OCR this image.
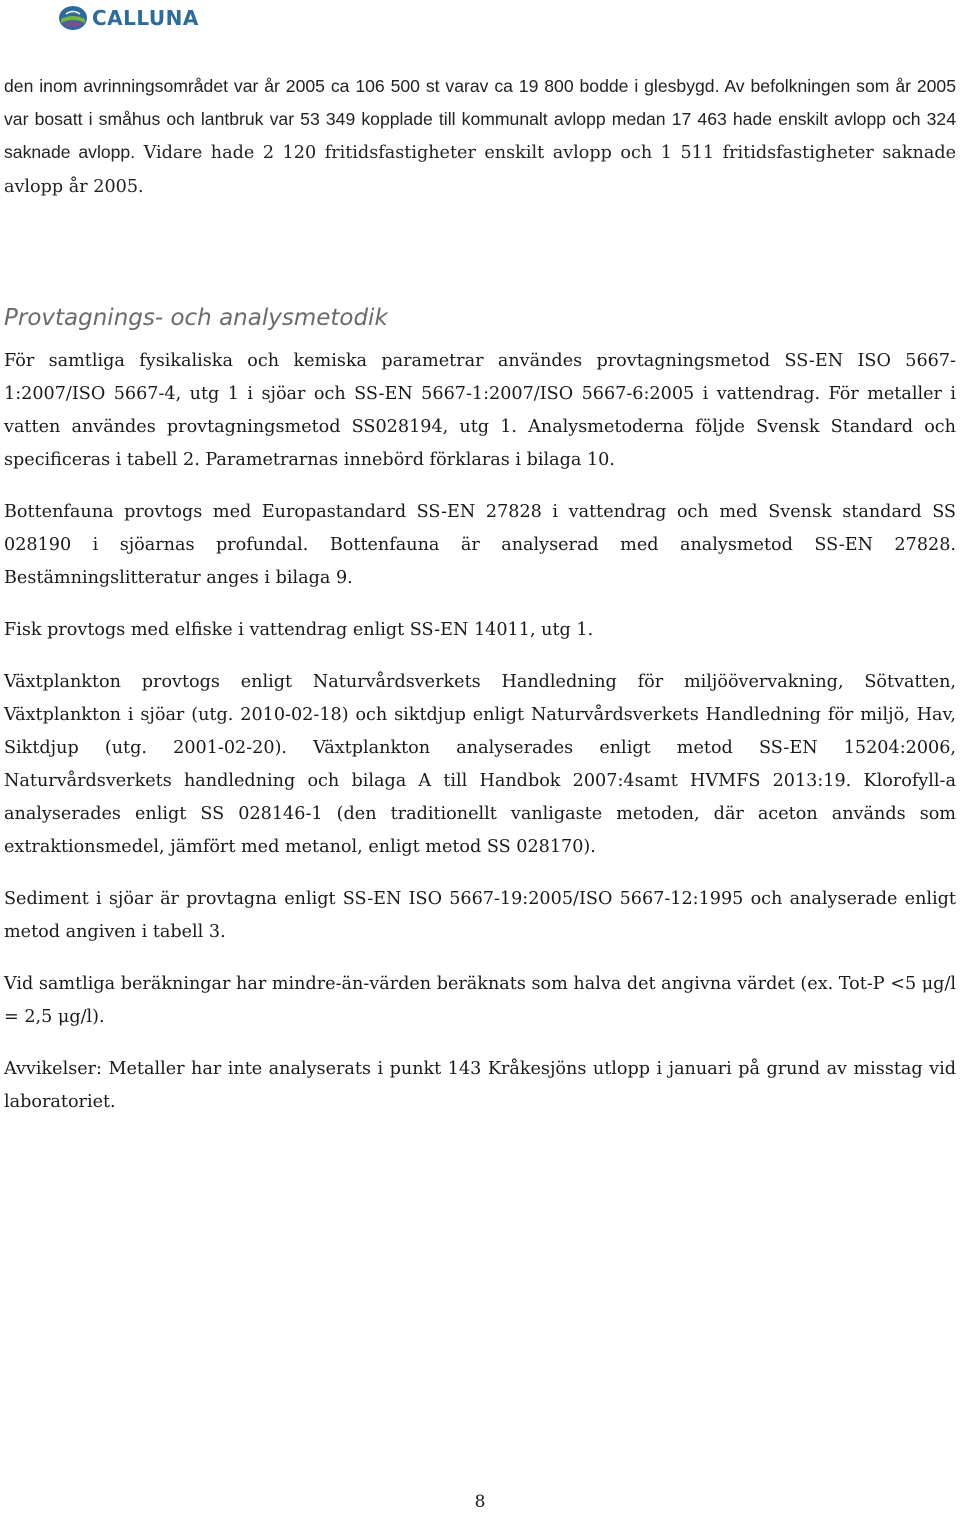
CALLUNA

den inom avrinningsområdet var år 2005 ca 106 500 st varav ca 19 800 bodde i glesbygd. Av befolkningen som år 2005 var bosatt i småhus och lantbruk var 53 349 kopplade till kommunalt avlopp medan 17 463 hade enskilt avlopp och 324 saknade avlopp. Vidare hade 2 120 fritidsfastigheter enskilt avlopp och 1 511 fritidsfastigheter saknade avlopp år 2005.

Provtagnings- och analysmetodik

För samtliga fysikaliska och kemiska parametrar användes provtagningsmetod SS-EN ISO 5667-1:2007/ISO 5667-4, utg 1 i sjöar och SS-EN 5667-1:2007/ISO 5667-6:2005 i vattendrag. För metaller i vatten användes provtagningsmetod SS028194, utg 1. Analysmetoderna följde Svensk Standard och specificeras i tabell 2. Parametrarnas innebörd förklaras i bilaga 10.

Bottenfauna provtogs med Europastandard SS-EN 27828 i vattendrag och med Svensk standard SS 028190 i sjöarnas profundal. Bottenfauna är analyserad med analysmetod SS-EN 27828. Bestämningslitteratur anges i bilaga 9.

Fisk provtogs med elfiske i vattendrag enligt SS-EN 14011, utg 1.

Växtplankton provtogs enligt Naturvårdsverkets Handledning för miljöövervakning, Sötvatten, Växtplankton i sjöar (utg. 2010-02-18) och siktdjup enligt Naturvårdsverkets Handledning för miljö, Hav, Siktdjup (utg. 2001-02-20). Växtplankton analyserades enligt metod SS-EN 15204:2006, Naturvårdsverkets handledning och bilaga A till Handbok 2007:4samt HVMFS 2013:19. Klorofyll-a analyserades enligt SS 028146-1 (den traditionellt vanligaste metoden, där aceton används som extraktionsmedel, jämfört med metanol, enligt metod SS 028170).

Sediment i sjöar är provtagna enligt SS-EN ISO 5667-19:2005/ISO 5667-12:1995 och analyserade enligt metod angiven i tabell 3.

Vid samtliga beräkningar har mindre-än-värden beräknats som halva det angivna värdet (ex. Tot-P <5 μg/l = 2,5 μg/l).

Avvikelser: Metaller har inte analyserats i punkt 143 Kråkesjöns utlopp i januari på grund av misstag vid laboratoriet.

8
